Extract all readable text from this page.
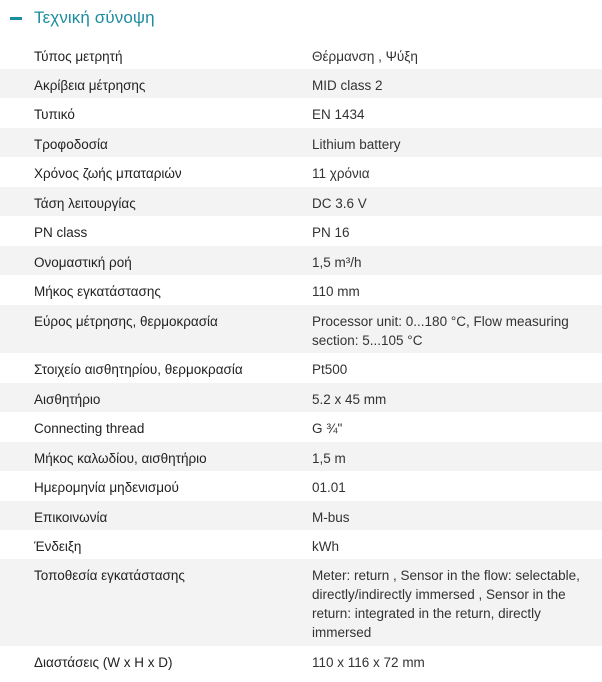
Τεχνική σύνοψη
Τύπος μετρητή	Θέρμανση , Ψύξη
Ακρίβεια μέτρησης	MID class 2
Τυπικό	EN 1434
Τροφοδοσία	Lithium battery
Χρόνος ζωής μπαταριών	11 χρόνια
Τάση λειτουργίας	DC 3.6 V
PN class	PN 16
Ονομαστική ροή	1,5 m³/h
Μήκος εγκατάστασης	110 mm
Εύρος μέτρησης, θερμοκρασία	Processor unit: 0...180 °C, Flow measuring section: 5...105 °C
Στοιχείο αισθητηρίου, θερμοκρασία	Pt500
Αισθητήριο	5.2 x 45 mm
Connecting thread	G ¾"
Μήκος καλωδίου, αισθητήριο	1,5 m
Ημερομηνία μηδενισμού	01.01
Επικοινωνία	M-bus
Ένδειξη	kWh
Τοποθεσία εγκατάστασης	Meter: return , Sensor in the flow: selectable, directly/indirectly immersed , Sensor in the return: integrated in the return, directly immersed
Διαστάσεις (W x H x D)	110 x 116 x 72 mm
